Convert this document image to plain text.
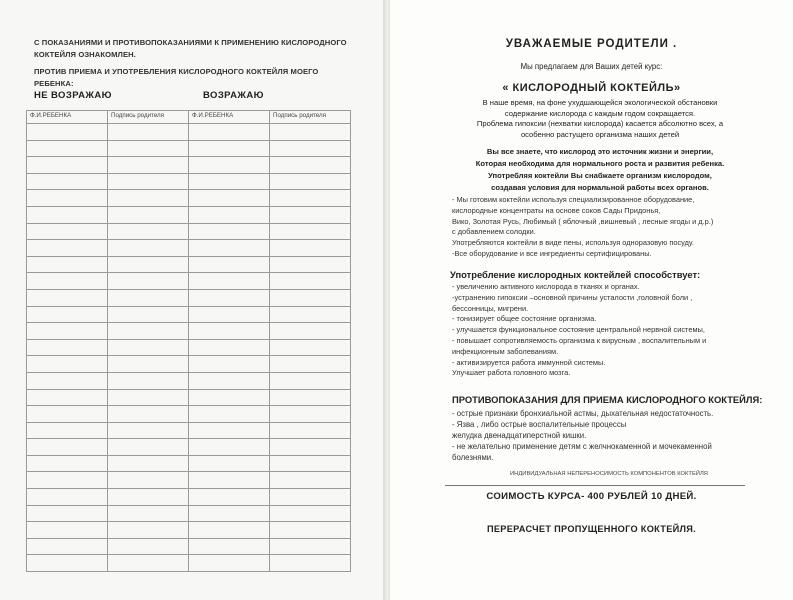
С ПОКАЗАНИЯМИ И ПРОТИВОПОКАЗАНИЯМИ К ПРИМЕНЕНИЮ КИСЛОРОДНОГО КОКТЕЙЛЯ ОЗНАКОМЛЕН.

ПРОТИВ ПРИЕМА И УПОТРЕБЛЕНИЯ КИСЛОРОДНОГО КОКТЕЙЛЯ МОЕГО РЕБЕНКА:

НЕ ВОЗРАЖАЮ	ВОЗРАЖАЮ
Ф.И.РЕБЕНКА	Подпись родителя	Ф.И.РЕБЕНКА	Подпись родителя

УВАЖАЕМЫЕ РОДИТЕЛИ .
Мы предлагаем для Ваших детей курс:
« КИСЛОРОДНЫЙ КОКТЕЙЛЬ»
В наше время, на фоне ухудшающейся экологической обстановки
содержание кислорода с каждым годом сокращается.
Проблема гипоксии (нехватки кислорода) касается абсолютно всех, а
особенно растущего организма наших детей
Вы все знаете, что кислород это источник жизни и энергии,
Которая необходима для нормального роста и развития ребенка.
Употребляя коктейли Вы снабжаете организм кислородом,
создавая условия для нормальной работы всех органов.

- Мы готовим коктейли используя специализированное оборудование,

кислородные концентраты на основе соков Сады Придонья,

Вико, Золотая Русь, Любимый ( яблочный ,вишневый , лесные ягоды и д.р.)

с добавлением солодки.

Употребляются коктейли в виде пены, используя одноразовую посуду.

-Все оборудование и все ингредиенты сертифицированы.

Употребление кислородных коктейлей способствует:

- увеличению активного кислорода в тканях и органах.

-устранению гипоксии –основной причины усталости ,головной боли ,

бессонницы, мигрени.

- тонизирует общее состояние организма.

- улучшается функциональное состояние центральной нервной системы,

- повышает сопротивляемость организма к вирусным , воспалительным и

инфекционным заболеваниям.

- активизируется работа иммунной системы.

Улучшает работа головного мозга.

ПРОТИВОПОКАЗАНИЯ ДЛЯ ПРИЕМА КИСЛОРОДНОГО КОКТЕЙЛЯ:

- острые признаки бронхиальной астмы, дыхательная недостаточность.

- Язва , либо острые воспалительные процессы

желудка двенадцатиперстной кишки.

- не желательно применение детям с желчнокаменной и мочекаменной

болезнями.

ИНДИВИДУАЛЬНАЯ НЕПЕРЕНОСИМОСТЬ КОМПОНЕНТОВ КОКТЕЙЛЯ
СОИМОСТЬ КУРСА- 400 РУБЛЕЙ 10 ДНЕЙ.
ПЕРЕРАСЧЕТ ПРОПУЩЕННОГО КОКТЕЙЛЯ.
